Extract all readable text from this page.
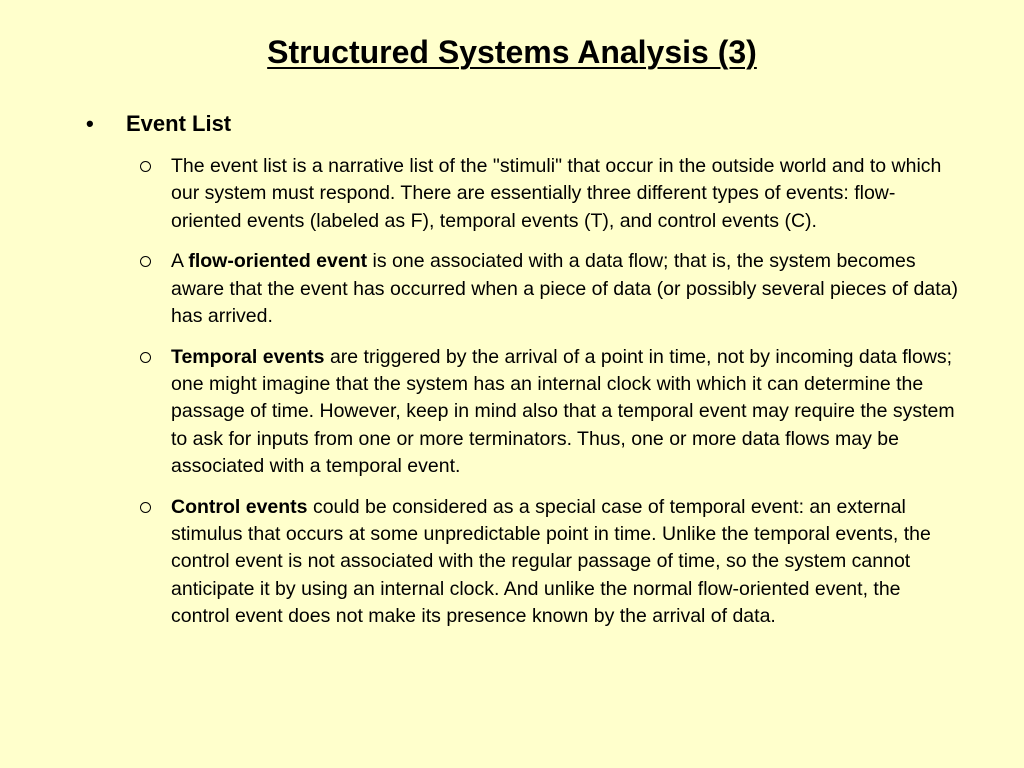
Structured Systems Analysis (3)
• Event List
The event list is a narrative list of the "stimuli" that occur in the outside world and to which our system must respond. There are essentially three different types of events: flow-oriented events (labeled as F), temporal events (T), and control events (C).
A flow-oriented event is one associated with a data flow; that is, the system becomes aware that the event has occurred when a piece of data (or possibly several pieces of data) has arrived.
Temporal events are triggered by the arrival of a point in time, not by incoming data flows; one might imagine that the system has an internal clock with which it can determine the passage of time. However, keep in mind also that a temporal event may require the system to ask for inputs from one or more terminators. Thus, one or more data flows may be associated with a temporal event.
Control events could be considered as a special case of temporal event: an external stimulus that occurs at some unpredictable point in time. Unlike the temporal events, the control event is not associated with the regular passage of time, so the system cannot anticipate it by using an internal clock. And unlike the normal flow-oriented event, the control event does not make its presence known by the arrival of data.
